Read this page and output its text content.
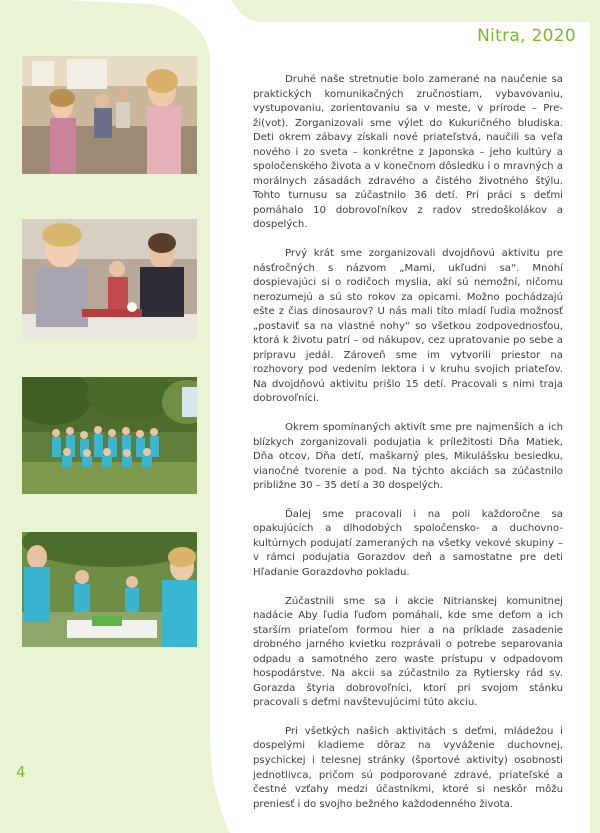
Nitra, 2020

Druhé naše stretnutie bolo zamerané na naučenie sa praktických komunikačných zručnostiam, vybavovaniu, vystupovaniu, zorientovaniu sa v meste, v prírode – Pre-ži(vot). Zorganizovali sme výlet do Kukuričného bludiska. Deti okrem zábavy získali nové priateľstvá, naučili sa veľa nového i zo sveta – konkrétne z Japonska – jeho kultúry a spoločenského života a v konečnom dôsledku i o mravných a morálnych zásadách zdravého a čistého životného štýlu. Tohto turnusu sa zúčastnilo 36 detí. Pri práci s deťmi pomáhalo 10 dobrovoľníkov z radov stredoškolákov a dospelých.

Prvý krát sme zorganizovali dvojdňovú aktivitu pre násťročných s názvom „Mami, ukľudni sa“. Mnohí dospievajúci si o rodičoch myslia, akí sú nemožní, ničomu nerozumejú a sú sto rokov za opicami. Možno pochádzajú ešte z čias dinosaurov? U nás mali títo mladí ľudia možnosť „postaviť sa na vlastné nohy“ so všetkou zodpovednosťou, ktorá k životu patrí – od nákupov, cez upratovanie po sebe a prípravu jedál. Zároveň sme im vytvorili priestor na rozhovory pod vedením lektora i v kruhu svojich priateľov. Na dvojdňovú aktivitu prišlo 15 detí. Pracovali s nimi traja dobrovoľníci.

Okrem spomínaných aktivít sme pre najmenších a ich blízkych zorganizovali podujatia k príležitosti Dňa Matiek, Dňa otcov, Dňa detí, maškarný ples, Mikulášsku besiedku, vianočné tvorenie a pod. Na týchto akciách sa zúčastnilo približne 30 – 35 detí a 30 dospelých.

Ďalej sme pracovali i na poli každoročne sa opakujúcich a dlhodobých spoločensko- a duchovno-kultúrnych podujatí zameraných na všetky vekové skupiny – v rámci podujatia Gorazdov deň a samostatne pre deti Hľadanie Gorazdovho pokladu.

Zúčastnili sme sa i akcie Nitrianskej komunitnej nadácie Aby ľudia ľuďom pomáhali, kde sme deťom a ich starším priateľom formou hier a na príklade zasadenie drobného jarného kvietku rozprávali o potrebe separovania odpadu a samotného zero waste prístupu v odpadovom hospodárstve. Na akcii sa zúčastnilo za Rytiersky rád sv. Gorazda štyria dobrovoľníci, ktorí pri svojom stánku pracovali s deťmi navštevujúcimi túto akciu.

Pri všetkých našich aktivitách s deťmi, mládežou i dospelými kladieme dôraz na vyváženie duchovnej, psychickej i telesnej stránky (športové aktivity) osobnosti jednotlivca, pričom sú podporované zdravé, priateľské a čestné vzťahy medzi účastníkmi, ktoré si neskôr môžu preniesť i do svojho bežného každodenného života.

4
